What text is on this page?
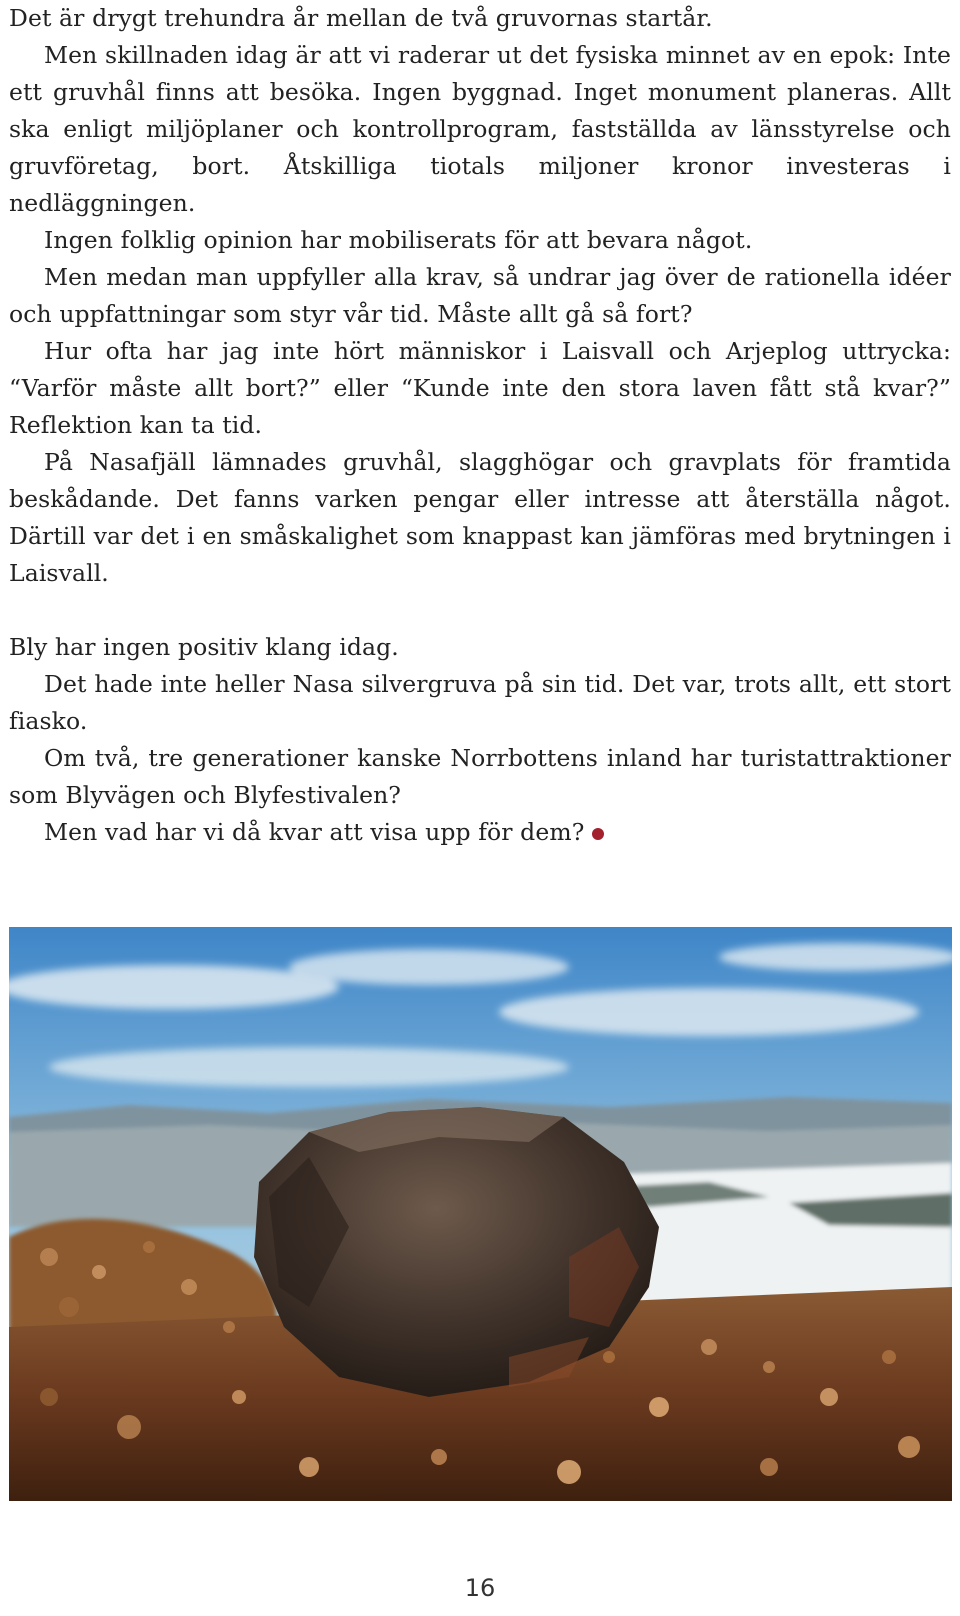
Det är drygt trehundra år mellan de två gruvornas startår.

Men skillnaden idag är att vi raderar ut det fysiska minnet av en epok: Inte ett gruvhål finns att besöka. Ingen byggnad. Inget monument planeras. Allt ska enligt miljöplaner och kontrollprogram, fastställda av länsstyrelse och gruvföretag, bort. Åtskilliga tiotals miljoner kronor investeras i nedläggningen.

Ingen folklig opinion har mobiliserats för att bevara något.

Men medan man uppfyller alla krav, så undrar jag över de rationella idéer och uppfattningar som styr vår tid. Måste allt gå så fort?

Hur ofta har jag inte hört människor i Laisvall och Arjeplog uttrycka: “Varför måste allt bort?” eller “Kunde inte den stora laven fått stå kvar?” Reflektion kan ta tid.

På Nasafjäll lämnades gruvhål, slagghögar och gravplats för framtida beskådande. Det fanns varken pengar eller intresse att återställa något. Därtill var det i en småskalighet som knappast kan jämföras med brytningen i Laisvall.

Bly har ingen positiv klang idag.

Det hade inte heller Nasa silvergruva på sin tid. Det var, trots allt, ett stort fiasko.

Om två, tre generationer kanske Norrbottens inland har turistattraktioner som Blyvägen och Blyfestivalen?

Men vad har vi då kvar att visa upp för dem?

16
